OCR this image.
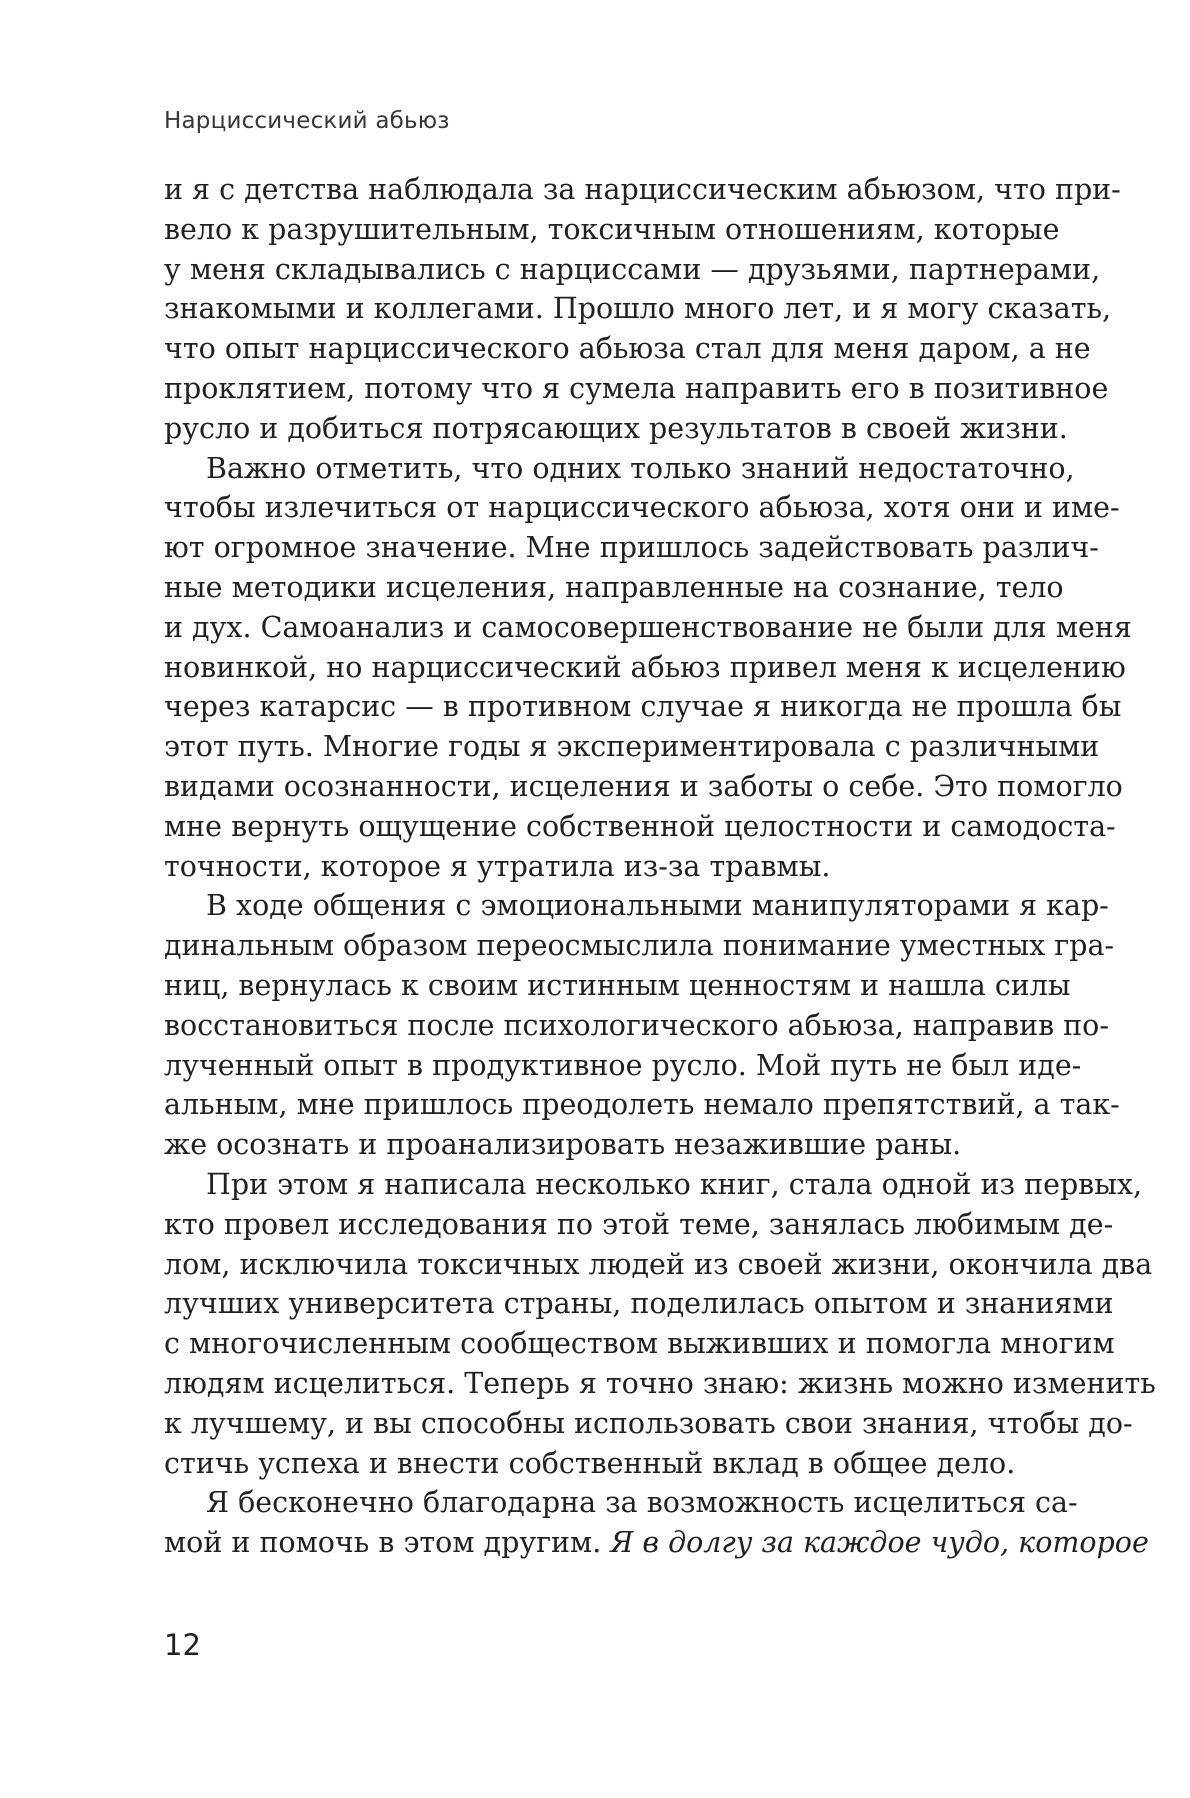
Нарциссический абьюз
и я с детства наблюдала за нарциссическим абьюзом, что при-
вело к разрушительным, токсичным отношениям, которые
у меня складывались с нарциссами — друзьями, партнерами,
знакомыми и коллегами. Прошло много лет, и я могу сказать,
что опыт нарциссического абьюза стал для меня даром, а не
проклятием, потому что я сумела направить его в позитивное
русло и добиться потрясающих результатов в своей жизни.
Важно отметить, что одних только знаний недостаточно,
чтобы излечиться от нарциссического абьюза, хотя они и име-
ют огромное значение. Мне пришлось задействовать различ-
ные методики исцеления, направленные на сознание, тело
и дух. Самоанализ и самосовершенствование не были для меня
новинкой, но нарциссический абьюз привел меня к исцелению
через катарсис — в противном случае я никогда не прошла бы
этот путь. Многие годы я экспериментировала с различными
видами осознанности, исцеления и заботы о себе. Это помогло
мне вернуть ощущение собственной целостности и самодоста-
точности, которое я утратила из-за травмы.
В ходе общения с эмоциональными манипуляторами я кар-
динальным образом переосмыслила понимание уместных гра-
ниц, вернулась к своим истинным ценностям и нашла силы
восстановиться после психологического абьюза, направив по-
лученный опыт в продуктивное русло. Мой путь не был иде-
альным, мне пришлось преодолеть немало препятствий, а так-
же осознать и проанализировать незажившие раны.
При этом я написала несколько книг, стала одной из первых,
кто провел исследования по этой теме, занялась любимым де-
лом, исключила токсичных людей из своей жизни, окончила два
лучших университета страны, поделилась опытом и знаниями
с многочисленным сообществом выживших и помогла многим
людям исцелиться. Теперь я точно знаю: жизнь можно изменить
к лучшему, и вы способны использовать свои знания, чтобы до-
стичь успеха и внести собственный вклад в общее дело.
Я бесконечно благодарна за возможность исцелиться са-
мой и помочь в этом другим. Я в долгу за каждое чудо, которое
12
